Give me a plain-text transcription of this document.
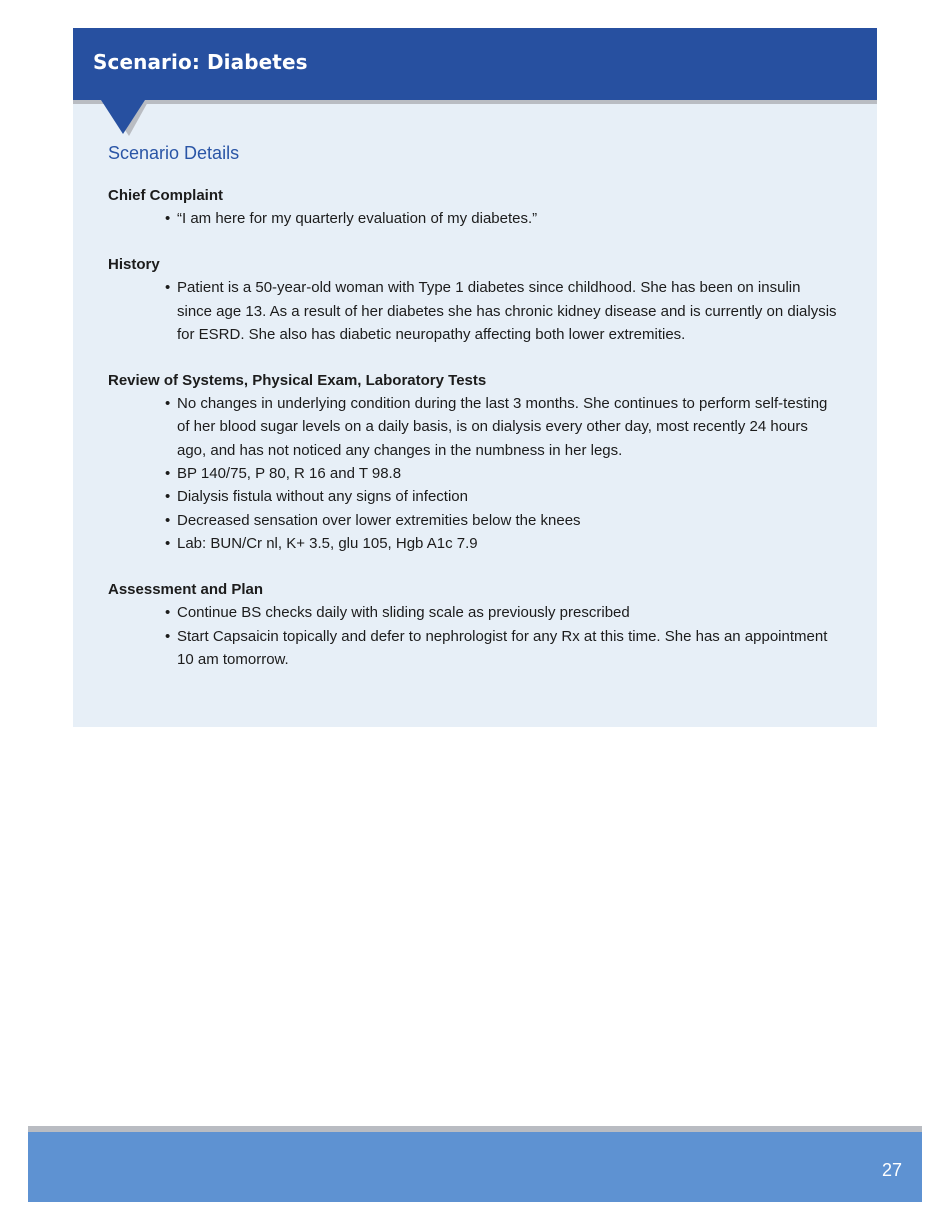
Scenario: Diabetes
Scenario Details
Chief Complaint
• “I am here for my quarterly evaluation of my diabetes.”
History
• Patient is a 50-year-old woman with Type 1 diabetes since childhood. She has been on insulin since age 13. As a result of her diabetes she has chronic kidney disease and is currently on dialysis for ESRD. She also has diabetic neuropathy affecting both lower extremities.
Review of Systems, Physical Exam, Laboratory Tests
• No changes in underlying condition during the last 3 months. She continues to perform self-testing of her blood sugar levels on a daily basis, is on dialysis every other day, most recently 24 hours ago, and has not noticed any changes in the numbness in her legs.
• BP 140/75, P 80, R 16 and T 98.8
• Dialysis fistula without any signs of infection
• Decreased sensation over lower extremities below the knees
• Lab: BUN/Cr nl, K+ 3.5, glu 105, Hgb A1c 7.9
Assessment and Plan
• Continue BS checks daily with sliding scale as previously prescribed
• Start Capsaicin topically and defer to nephrologist for any Rx at this time. She has an appointment 10 am tomorrow.
27
